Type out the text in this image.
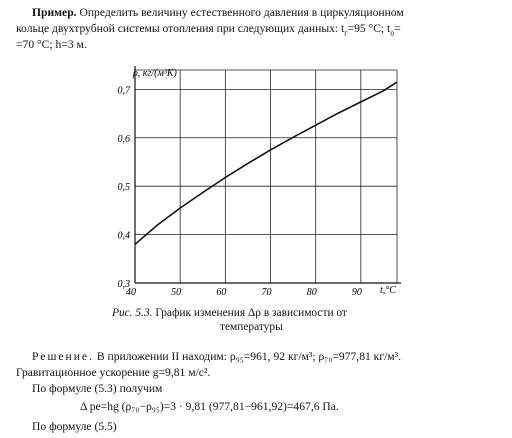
Пример. Определить величину естественного давления в циркуляционном
кольце двухтрубной системы отопления при следующих данных: $t_г=95$ °С; $t_о=$
=70 °С; h=3 м.
40	50	60	70	80	90
0,3
0,4
0,5
0,6
0,7
ρ, кг/(м³К)
t,°С
Рис. 5.3. График изменения Δρ в зависимости от
температуры
Решение. В приложении II находим: ρ₉₅=961, 92 кг/м³; ρ₇₀=977,81 кг/м³.
Гравитационное ускорение g=9,81 м/с².
По формуле (5.3) получим
Δ pе=hg (ρ₇₀−ρ₉₅)=3 · 9,81 (977,81−961,92)=467,6 Па.
По формуле (5.5)
